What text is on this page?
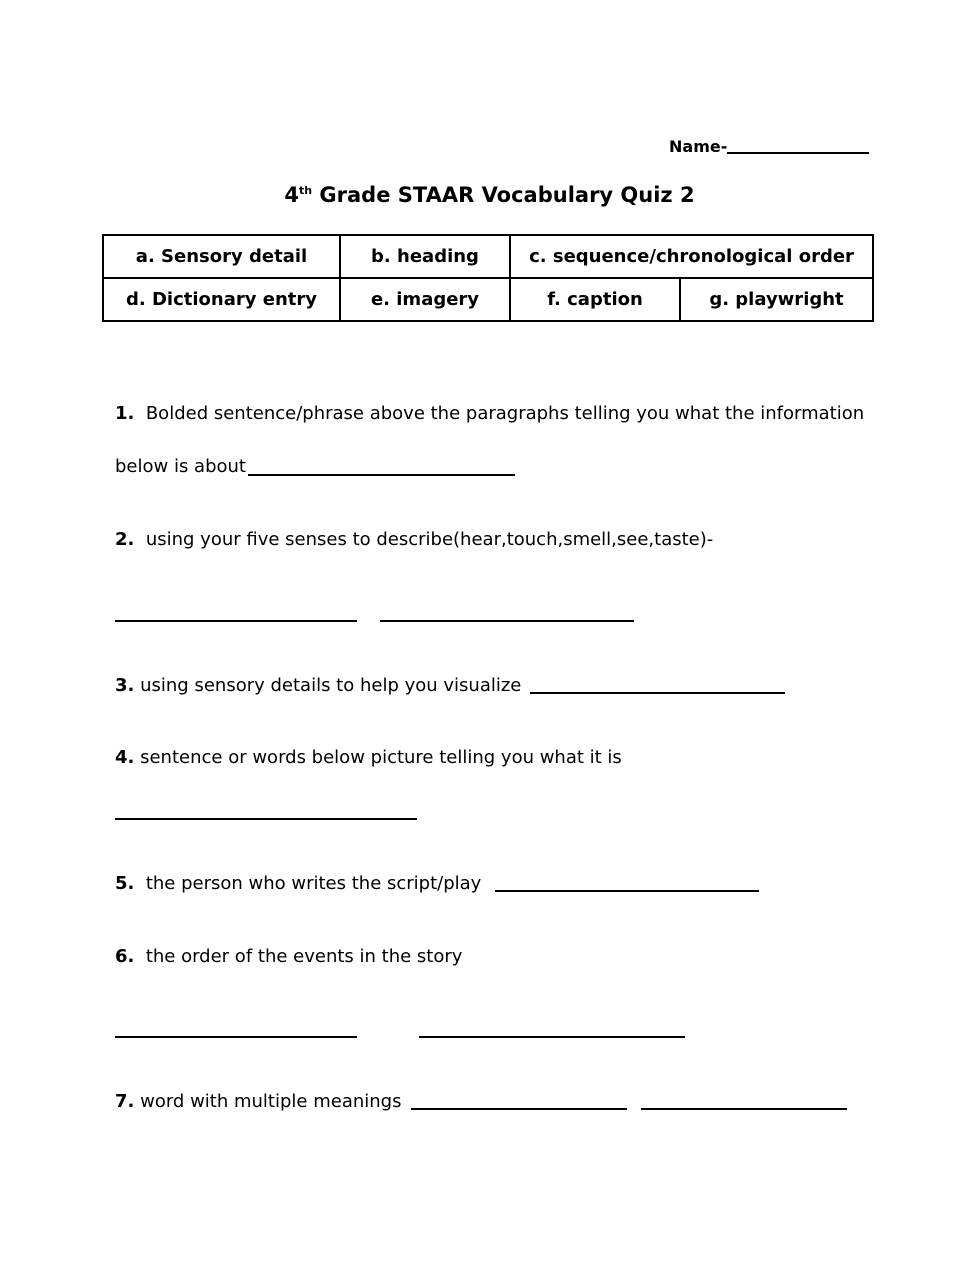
Name-
4th Grade STAAR Vocabulary Quiz 2
a. Sensory detail	b. heading	c. sequence/chronological order	
d. Dictionary entry	e. imagery	f. caption	g. playwright
1. Bolded sentence/phrase above the paragraphs telling you what the information
below is about
2. using your five senses to describe(hear,touch,smell,see,taste)-
3. using sensory details to help you visualize
4. sentence or words below picture telling you what it is
5. the person who writes the script/play
6. the order of the events in the story
7. word with multiple meanings
